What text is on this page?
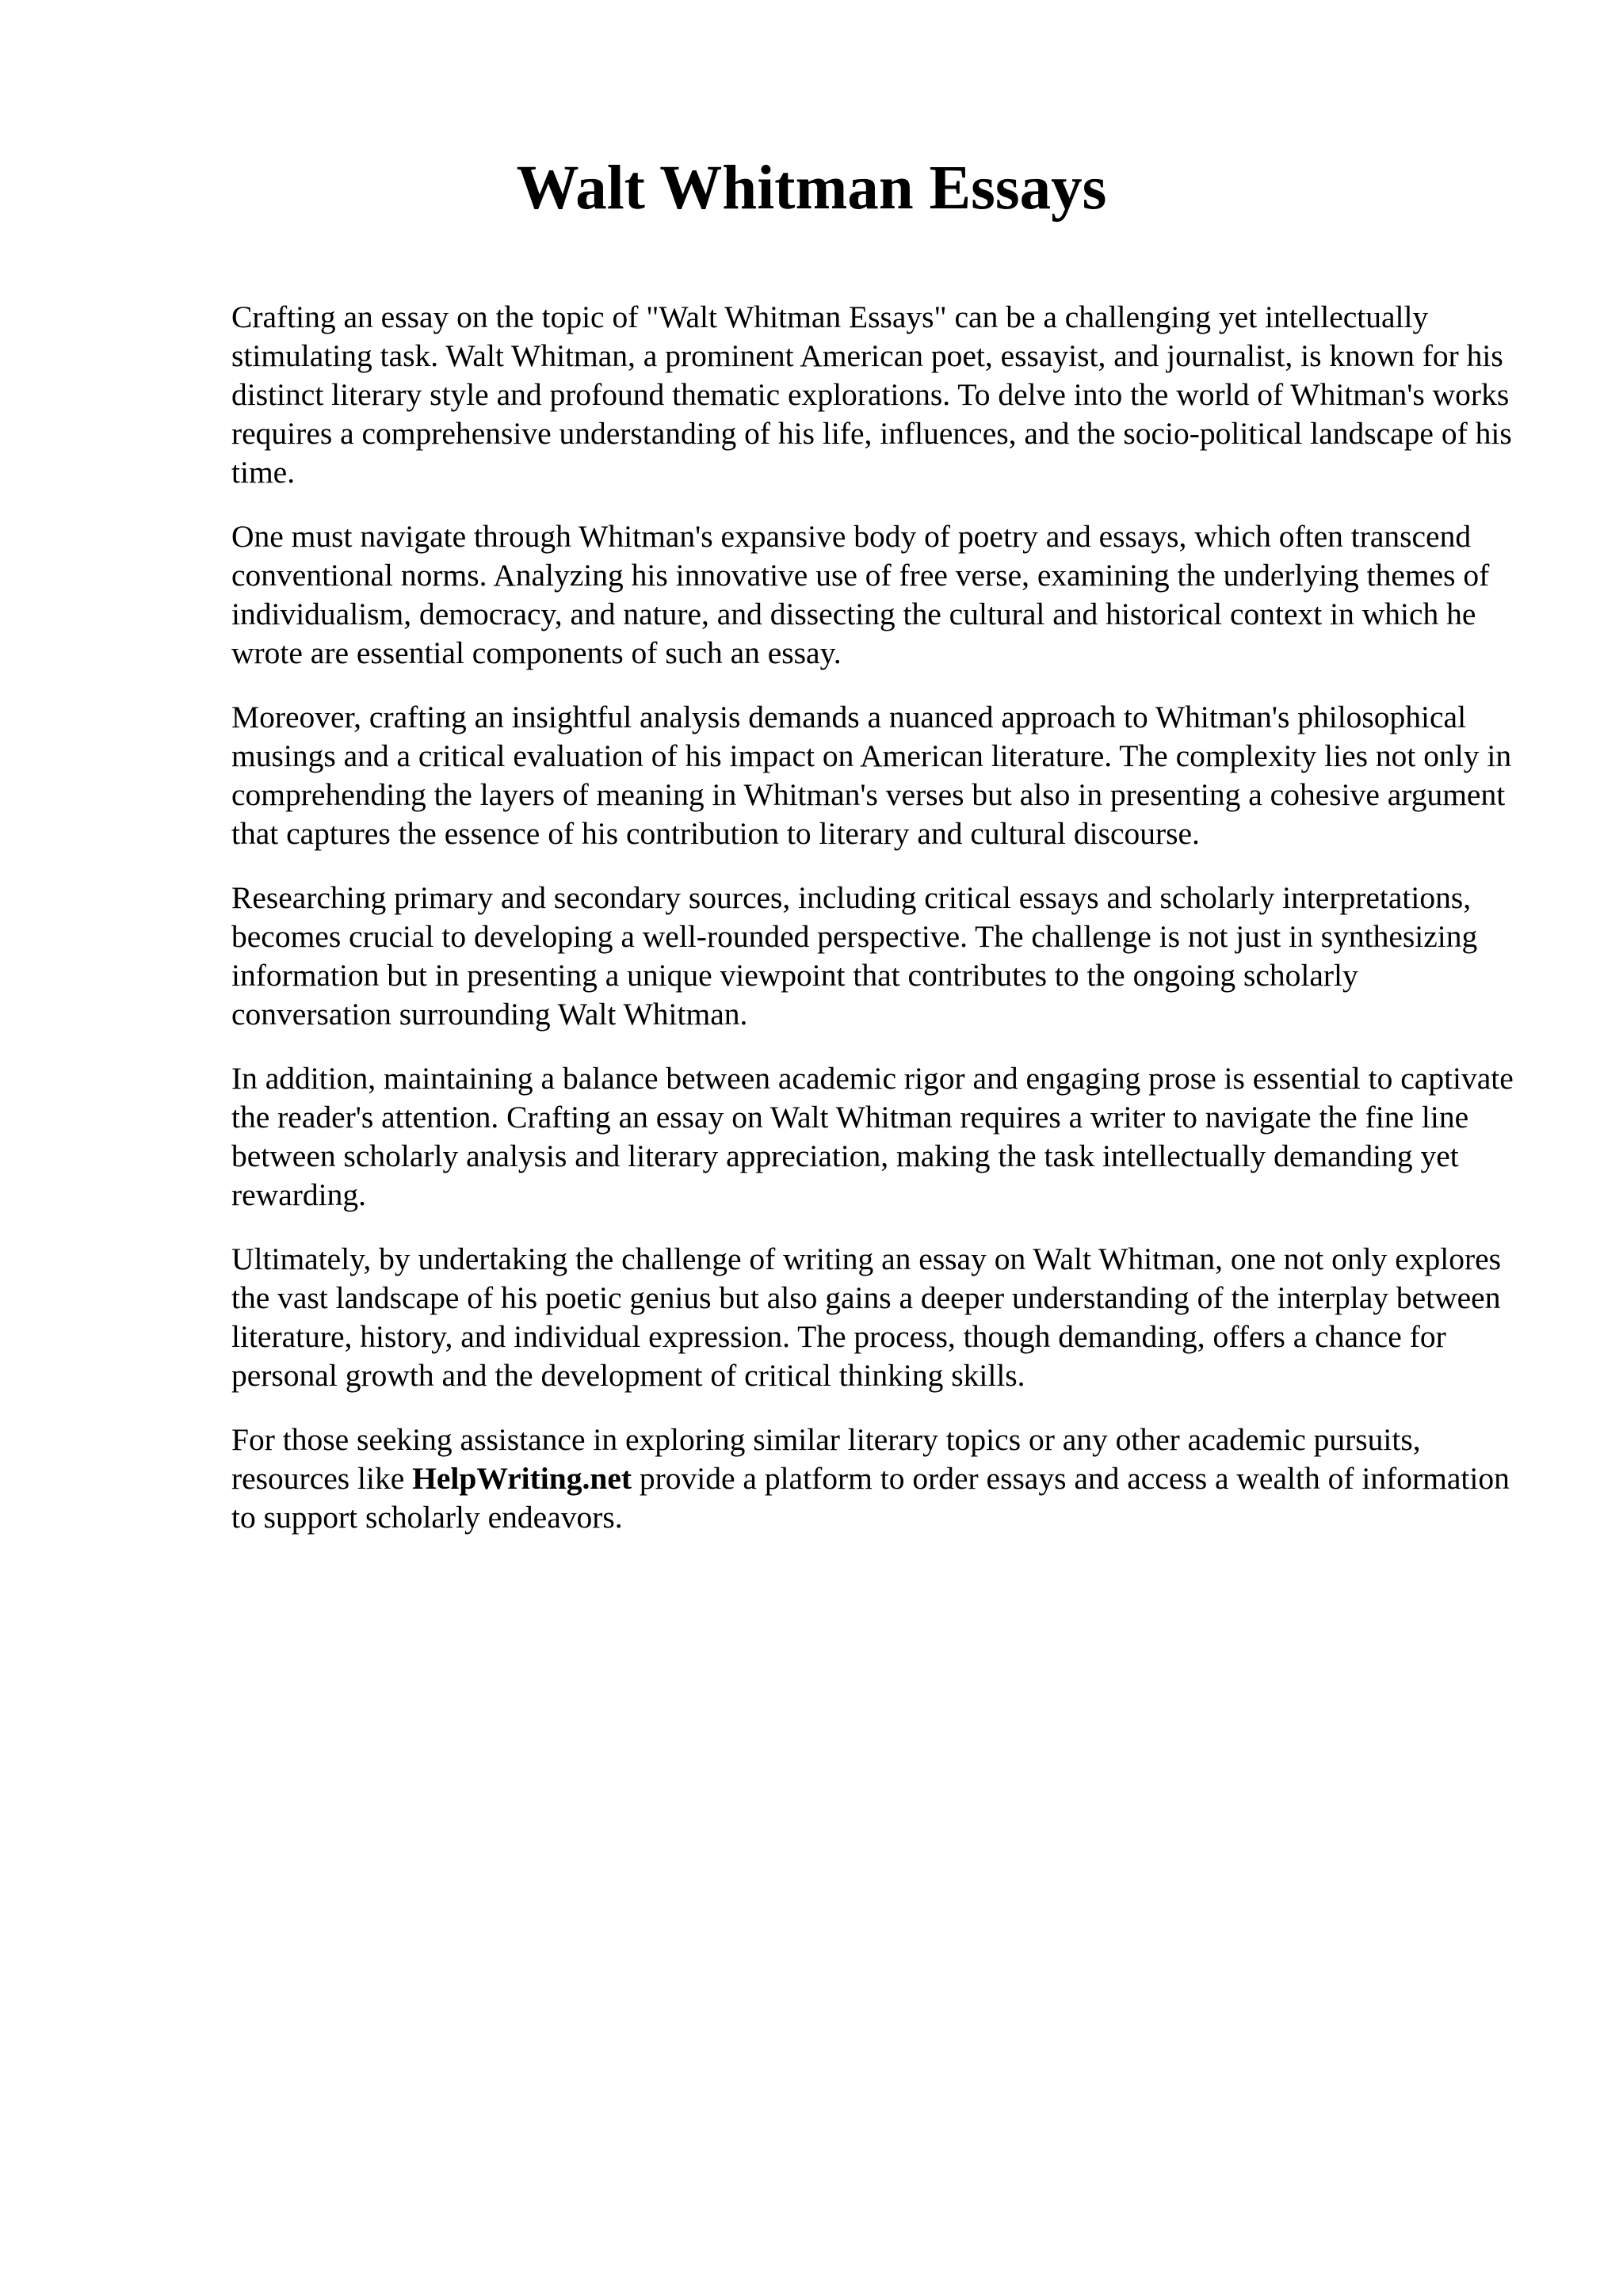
Walt Whitman Essays

Crafting an essay on the topic of "Walt Whitman Essays" can be a challenging yet intellectually stimulating task. Walt Whitman, a prominent American poet, essayist, and journalist, is known for his distinct literary style and profound thematic explorations. To delve into the world of Whitman's works requires a comprehensive understanding of his life, influences, and the socio-political landscape of his time.

One must navigate through Whitman's expansive body of poetry and essays, which often transcend conventional norms. Analyzing his innovative use of free verse, examining the underlying themes of individualism, democracy, and nature, and dissecting the cultural and historical context in which he wrote are essential components of such an essay.

Moreover, crafting an insightful analysis demands a nuanced approach to Whitman's philosophical musings and a critical evaluation of his impact on American literature. The complexity lies not only in comprehending the layers of meaning in Whitman's verses but also in presenting a cohesive argument that captures the essence of his contribution to literary and cultural discourse.

Researching primary and secondary sources, including critical essays and scholarly interpretations, becomes crucial to developing a well-rounded perspective. The challenge is not just in synthesizing information but in presenting a unique viewpoint that contributes to the ongoing scholarly conversation surrounding Walt Whitman.

In addition, maintaining a balance between academic rigor and engaging prose is essential to captivate the reader's attention. Crafting an essay on Walt Whitman requires a writer to navigate the fine line between scholarly analysis and literary appreciation, making the task intellectually demanding yet rewarding.

Ultimately, by undertaking the challenge of writing an essay on Walt Whitman, one not only explores the vast landscape of his poetic genius but also gains a deeper understanding of the interplay between literature, history, and individual expression. The process, though demanding, offers a chance for personal growth and the development of critical thinking skills.

For those seeking assistance in exploring similar literary topics or any other academic pursuits, resources like HelpWriting.net provide a platform to order essays and access a wealth of information to support scholarly endeavors.
